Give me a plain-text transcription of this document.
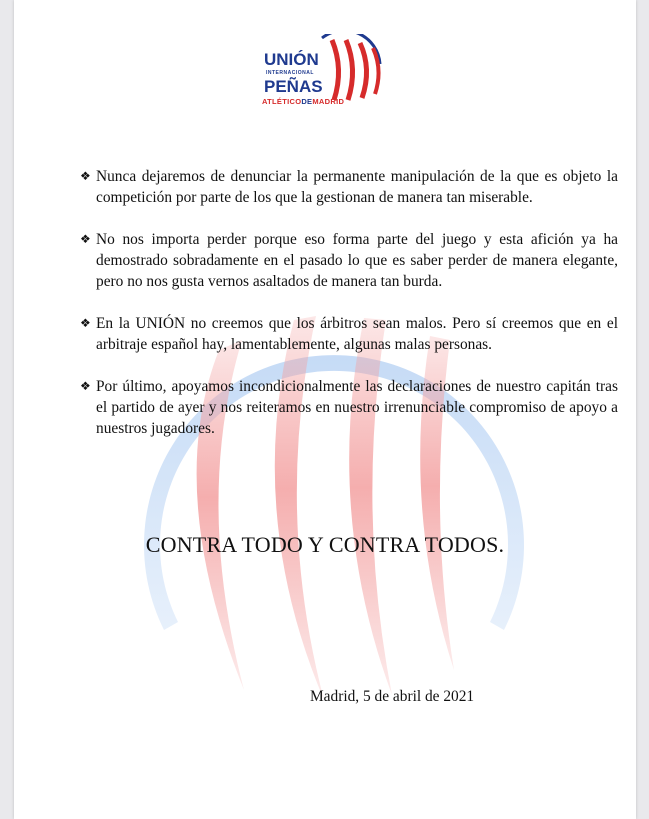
UNIÓN
INTERNACIONAL
PEÑAS
ATLÉTICODEMADRID
❖ Nunca dejaremos de denunciar la permanente manipulación de la que es objeto la competición por parte de los que la gestionan de manera tan miserable.
❖ No nos importa perder porque eso forma parte del juego y esta afición ya ha demostrado sobradamente en el pasado lo que es saber perder de manera elegante, pero no nos gusta vernos asaltados de manera tan burda.
❖ En la UNIÓN no creemos que los árbitros sean malos. Pero sí creemos que en el arbitraje español hay, lamentablemente, algunas malas personas.
❖ Por último, apoyamos incondicionalmente las declaraciones de nuestro capitán tras el partido de ayer y nos reiteramos en nuestro irrenunciable compromiso de apoyo a nuestros jugadores.
CONTRA TODO Y CONTRA TODOS.
Madrid, 5 de abril de 2021
